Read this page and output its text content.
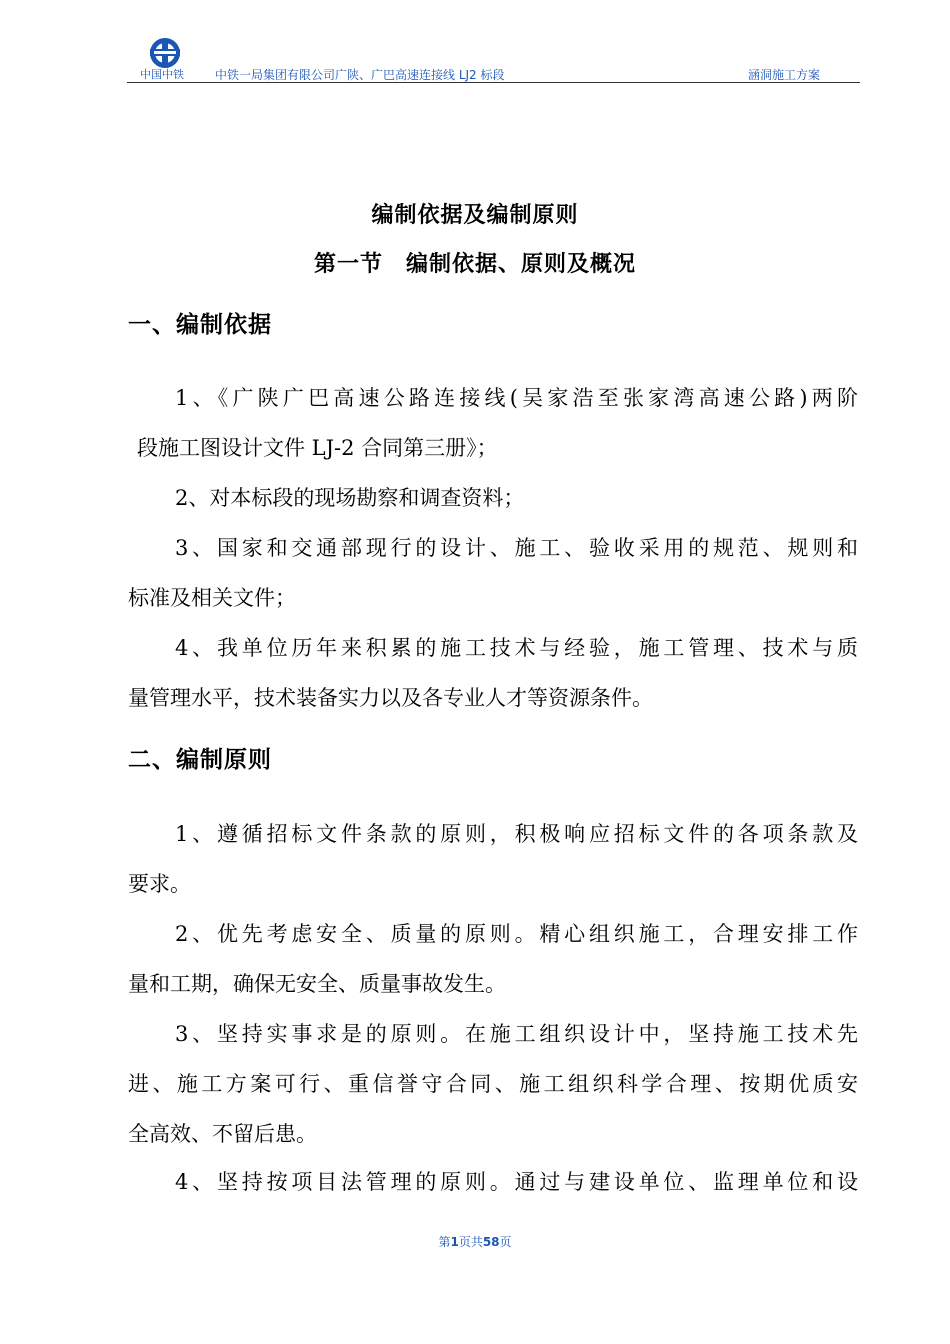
中国中铁	中铁一局集团有限公司广陕、广巴高速连接线 LJ2 标段	涵洞施工方案
编制依据及编制原则
第一节　编制依据、原则及概况
一、编制依据
1、《广陕广巴高速公路连接线(吴家浩至张家湾高速公路)两阶
段施工图设计文件 LJ-2 合同第三册》；
2、对本标段的现场勘察和调查资料；
3、国家和交通部现行的设计、施工、验收采用的规范、规则和
标准及相关文件；
4、我单位历年来积累的施工技术与经验，施工管理、技术与质
量管理水平，技术装备实力以及各专业人才等资源条件。
二、编制原则
1、遵循招标文件条款的原则，积极响应招标文件的各项条款及
要求。
2、优先考虑安全、质量的原则。精心组织施工，合理安排工作
量和工期，确保无安全、质量事故发生。
3、坚持实事求是的原则。在施工组织设计中，坚持施工技术先
进、施工方案可行、重信誉守合同、施工组织科学合理、按期优质安
全高效、不留后患。
4、坚持按项目法管理的原则。通过与建设单位、监理单位和设
第1页共58页
